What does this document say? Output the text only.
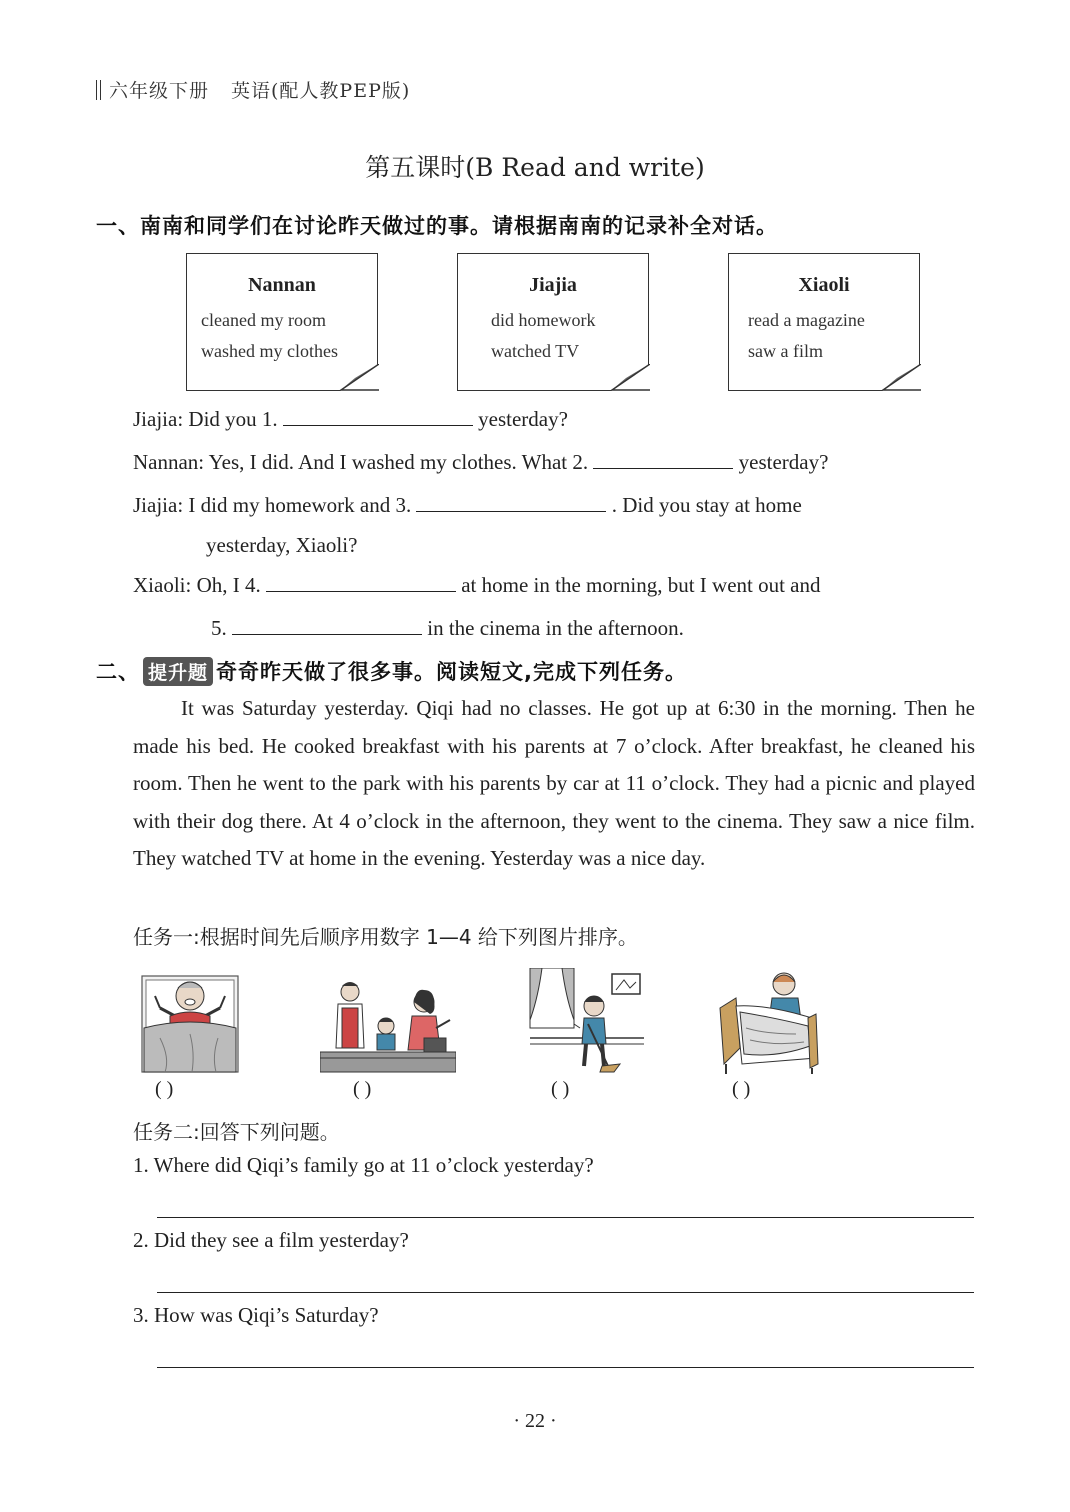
六年级下册 英语(配人教PEP版)
第五课时(B Read and write)
一、南南和同学们在讨论昨天做过的事。请根据南南的记录补全对话。
Nannan
cleaned my room
washed my clothes
Jiajia
did homework
watched TV
Xiaoli
read a magazine
saw a film
Jiajia: Did you 1.	yesterday?
Nannan: Yes, I did. And I washed my clothes. What 2.	yesterday?
Jiajia: I did my homework and 3.	. Did you stay at home
yesterday, Xiaoli?
Xiaoli: Oh, I 4.	at home in the morning, but I went out and
5.	in the cinema in the afternoon.
二、 提升题 奇奇昨天做了很多事。阅读短文,完成下列任务。
It was Saturday yesterday. Qiqi had no classes. He got up at 6:30 in the morning. Then he made his bed. He cooked breakfast with his parents at 7 o’clock. After breakfast, he cleaned his room. Then he went to the park with his parents by car at 11 o’clock. They had a picnic and played with their dog there. At 4 o’clock in the afternoon, they went to the cinema. They saw a nice film. They watched TV at home in the evening. Yesterday was a nice day.
任务一:根据时间先后顺序用数字 1—4 给下列图片排序。
( )	( )	( )	( )
任务二:回答下列问题。
1. Where did Qiqi’s family go at 11 o’clock yesterday?
2. Did they see a film yesterday?
3. How was Qiqi’s Saturday?
· 22 ·
